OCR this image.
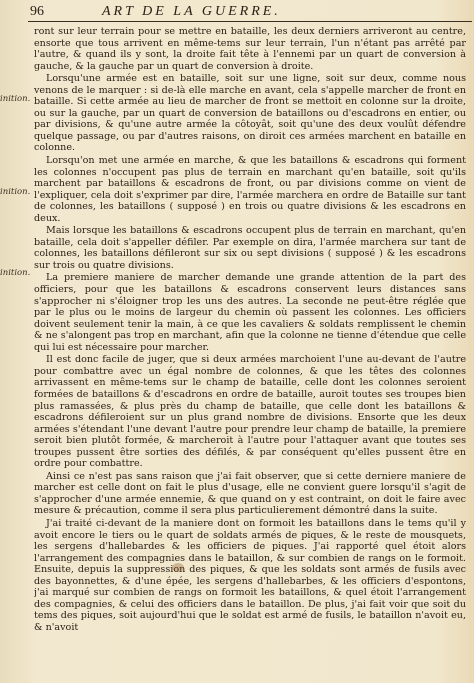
96	ART DE LA GUERRE.
inition.
inition.
inition.

ront sur leur terrain pour se mettre en bataille, les deux derniers arriveront au centre, ensorte que tous arrivent en même-tems sur leur terrain, l'un n'étant pas arrêté par l'autre, & quand ils y sont, la droite fait tête à l'ennemi par un quart de conversion à gauche, & la gauche par un quart de conversion à droite.

Lorsqu'une armée est en bataille, soit sur une ligne, soit sur deux, comme nous venons de le marquer : si de-là elle marche en avant, cela s'appelle marcher de front en bataille. Si cette armée au lieu de marcher de front se mettoit en colonne sur la droite, ou sur la gauche, par un quart de conversion de bataillons ou d'escadrons en entier, ou par divisions, & qu'une autre armée la côtoyât, soit qu'une des deux voulût défendre quelque passage, ou par d'autres raisons, on diroit ces armées marchent en bataille en colonne.

Lorsqu'on met une armée en marche, & que les bataillons & escadrons qui forment les colonnes n'occupent pas plus de terrain en marchant qu'en bataille, soit qu'ils marchent par bataillons & escadrons de front, ou par divisions comme on vient de l'expliquer, cela doit s'exprimer par dire, l'armée marchera en ordre de Bataille sur tant de colonnes, les bataillons ( supposé ) en trois ou quatre divisions & les escadrons en deux.

Mais lorsque les bataillons & escadrons occupent plus de terrain en marchant, qu'en bataille, cela doit s'appeller défiler. Par exemple on dira, l'armée marchera sur tant de colonnes, les bataillons défileront sur six ou sept divisions ( supposé ) & les escadrons sur trois ou quatre divisions.

La premiere maniere de marcher demande une grande attention de la part des officiers, pour que les bataillons & escadrons conservent leurs distances sans s'approcher ni s'éloigner trop les uns des autres. La seconde ne peut-être réglée que par le plus ou le moins de largeur du chemin où passent les colonnes. Les officiers doivent seulement tenir la main, à ce que les cavaliers & soldats remplissent le chemin & ne s'alongent pas trop en marchant, afin que la colonne ne tienne d'étendue que celle qui lui est nécessaire pour marcher.

Il est donc facile de juger, que si deux armées marchoient l'une au-devant de l'autre pour combattre avec un égal nombre de colonnes, & que les têtes des colonnes arrivassent en même-tems sur le champ de bataille, celle dont les colonnes seroient formées de bataillons & d'escadrons en ordre de bataille, auroit toutes ses troupes bien plus ramassées, & plus près du champ de bataille, que celle dont les bataillons & escadrons défileroient sur un plus grand nombre de divisions. Ensorte que les deux armées s'étendant l'une devant l'autre pour prendre leur champ de bataille, la premiere seroit bien plutôt formée, & marcheroit à l'autre pour l'attaquer avant que toutes ses troupes pussent être sorties des défilés, & par conséquent qu'elles pussent être en ordre pour combattre.

Ainsi ce n'est pas sans raison que j'ai fait observer, que si cette derniere maniere de marcher est celle dont on fait le plus d'usage, elle ne convient guere lorsqu'il s'agit de s'approcher d'une armée ennemie, & que quand on y est contraint, on doit le faire avec mesure & précaution, comme il sera plus particulierement démontré dans la suite.

J'ai traité ci-devant de la maniere dont on formoit les bataillons dans le tems qu'il y avoit encore le tiers ou le quart de soldats armés de piques, & le reste de mousquets, les sergens d'hallebardes & les officiers de piques. J'ai rapporté quel étoit alors l'arrangement des compagnies dans le bataillon, & sur combien de rangs on le formoit. Ensuite, depuis la suppression des piques, & que les soldats sont armés de fusils avec des bayonnettes, & d'une épée, les sergens d'hallebarbes, & les officiers d'espontons, j'ai marqué sur combien de rangs on formoit les bataillons, & quel étoit l'arrangement des compagnies, & celui des officiers dans le bataillon. De plus, j'ai fait voir que soit du tems des piques, soit aujourd'hui que le soldat est armé de fusils, le bataillon n'avoit eu, & n'avoit
